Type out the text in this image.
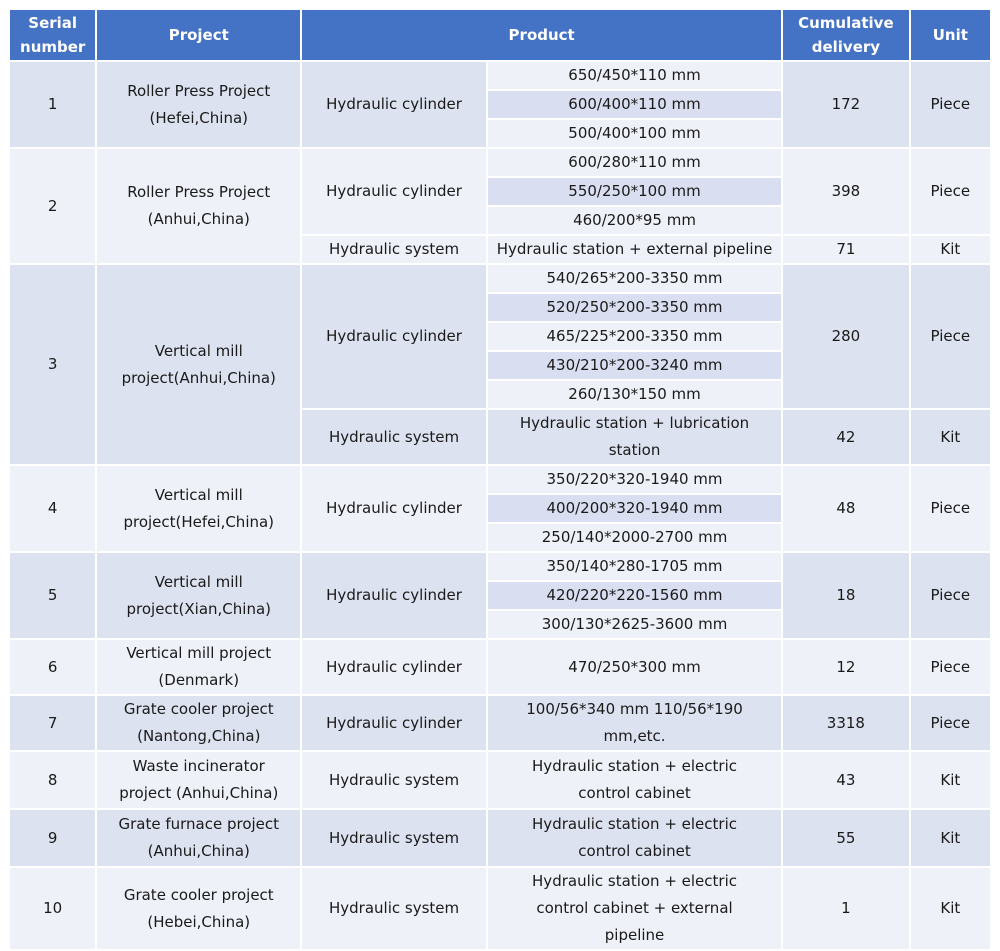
Serial number	Project	Product		Cumulative delivery	Unit
1	Roller Press Project (Hefei,China)	Hydraulic cylinder	650/450*110 mm	172	Piece
			600/400*110 mm		
			500/400*100 mm		
2	Roller Press Project (Anhui,China)	Hydraulic cylinder	600/280*110 mm	398	Piece
			550/250*100 mm		
			460/200*95 mm		
		Hydraulic system	Hydraulic station + external pipeline	71	Kit
3	Vertical mill project(Anhui,China)	Hydraulic cylinder	540/265*200-3350 mm	280	Piece
			520/250*200-3350 mm		
			465/225*200-3350 mm		
			430/210*200-3240 mm		
			260/130*150 mm		
		Hydraulic system	Hydraulic station + lubrication station	42	Kit
4	Vertical mill project(Hefei,China)	Hydraulic cylinder	350/220*320-1940 mm	48	Piece
			400/200*320-1940 mm		
			250/140*2000-2700 mm		
5	Vertical mill project(Xian,China)	Hydraulic cylinder	350/140*280-1705 mm	18	Piece
			420/220*220-1560 mm		
			300/130*2625-3600 mm		
6	Vertical mill project (Denmark)	Hydraulic cylinder	470/250*300 mm	12	Piece
7	Grate cooler project (Nantong,China)	Hydraulic cylinder	100/56*340 mm 110/56*190 mm,etc.	3318	Piece
8	Waste incinerator project (Anhui,China)	Hydraulic system	Hydraulic station + electric control cabinet	43	Kit
9	Grate furnace project (Anhui,China)	Hydraulic system	Hydraulic station + electric control cabinet	55	Kit
10	Grate cooler project (Hebei,China)	Hydraulic system	Hydraulic station + electric control cabinet + external pipeline	1	Kit
